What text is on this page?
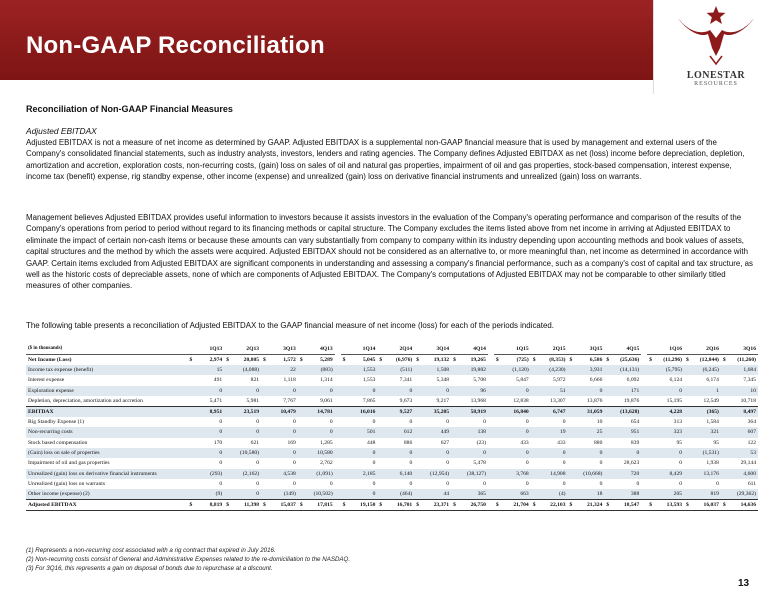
Non-GAAP Reconciliation
LONESTAR
RESOURCES
Reconciliation of Non-GAAP Financial Measures
Adjusted EBITDAX
Adjusted EBITDAX is not a measure of net income as determined by GAAP. Adjusted EBITDAX is a supplemental non-GAAP financial measure that is used by management and external users of the Company's consolidated financial statements, such as industry analysts, investors, lenders and rating agencies. The Company defines Adjusted EBITDAX as net (loss) income before depreciation, depletion, amortization and accretion, exploration costs, non-recurring costs, (gain) loss on sales of oil and natural gas properties, impairment of oil and gas properties, stock-based compensation, interest expense, income tax (benefit) expense, rig standby expense, other income (expense) and unrealized (gain) loss on derivative financial instruments and unrealized (gain) loss on warrants.
Management believes Adjusted EBITDAX provides useful information to investors because it assists investors in the evaluation of the Company's operating performance and comparison of the results of the Company's operations from period to period without regard to its financing methods or capital structure. The Company excludes the items listed above from net income in arriving at Adjusted EBITDAX to eliminate the impact of certain non-cash items or because these amounts can vary substantially from company to company within its industry depending upon accounting methods and book values of assets, capital structures and the method by which the assets were acquired. Adjusted EBITDAX should not be considered as an alternative to, or more meaningful than, net income as determined in accordance with GAAP. Certain items excluded from Adjusted EBITDAX are significant components in understanding and assessing a company's financial performance, such as a company's cost of capital and tax structure, as well as the historic costs of depreciable assets, none of which are components of Adjusted EBITDAX. The Company's computations of Adjusted EBITDAX may not be comparable to other similarly titled measures of other companies.
The following table presents a reconciliation of Adjusted EBITDAX to the GAAP financial measure of net income (loss) for each of the periods indicated.
($ in thousands)	1Q13		2Q13		3Q13		4Q13			1Q14		2Q14		3Q14		4Q14			1Q15		2Q15		3Q15		4Q15			1Q16		2Q16		3Q16	
Net Income (Loss)	$	2,974	$	20,805	$	1,572	$	5,289		$	5,045	$	(6,976)	$	19,132	$	19,265		$	(725)	$	(8,353)	$	6,586	$	(25,636)		$	(11,296)	$	(12,844)	$	(11,260)
Income tax expense (benefit)		15		(4,088)		22		(883)			1,553		(511)		1,508		19,882			(1,120)		(4,230)		3,931		(14,131)			(5,795)		(6,245)		1,684
Interest expense		491		821		1,118		1,314			1,553		7,341		5,348		5,708			5,847		5,972		6,666		6,092			6,124		6,174		7,345
Exploration expense		0		0		0		0			0		0		0		96			0		51		0		171			0		1		10
Depletion, depreciation, amortization and accretion		5,471		5,981		7,767		9,061			7,865		9,673		9,217		13,968			12,838		13,307		13,876		19,876			15,195		12,549		10,718
EBITDAX		8,951		23,519		10,479		14,781			16,016		9,527		35,205		58,919			16,840		6,747		31,059		(13,628)			4,228		(365)		8,497
Rig Standby Expense (1)		0		0		0		0			0		0		0		0			0		0		10		654			313		1,584		364
Non-recurring costs		0		0		0		0			501		612		449		138			0		19		25		951			323		321		607
Stock based compensation		170		621		169		1,285			448		886		627		(23)			433		433		880		839			95		95		122
(Gain) loss on sale of properties		0		(10,580)		0		10,580			0		0		0		0			0		0		0		0			0		(1,531)		53
Impairment of oil and gas properties		0		0		0		2,762			0		0		0		5,478			0		0		0		28,623			0		1,938		29,144
Unrealized (gain) loss on derivative financial instruments		(293)		(2,162)		4,538		(1,091)			2,185		6,140		(12,954)		(38,127)			3,768		14,908		(10,668)		720			8,429		13,176		4,600
Unrealized (gain) loss on warrants		0		0		0		0			0		0		0		0			0		0		0		0			0		0		611
Other income (expense) (2)		(9)		0		(149)		(10,502)			0		(464)		44		365			663		(4)		18		388			205		819		(29,362)
Adjusted EBITDAX	$	8,819	$	11,398	$	15,037	$	17,815		$	19,150	$	16,701	$	23,371	$	26,750		$	21,704	$	22,103	$	21,324	$	18,547		$	13,593	$	16,037	$	14,636
(1) Represents a non-recurring cost associated with a rig contract that expired in July 2016.
(2) Non-recurring costs consist of General and Administrative Expenses related to the re-domiciliation to the NASDAQ.
(3) For 3Q16, this represents a gain on disposal of bonds due to repurchase at a discount.
13
